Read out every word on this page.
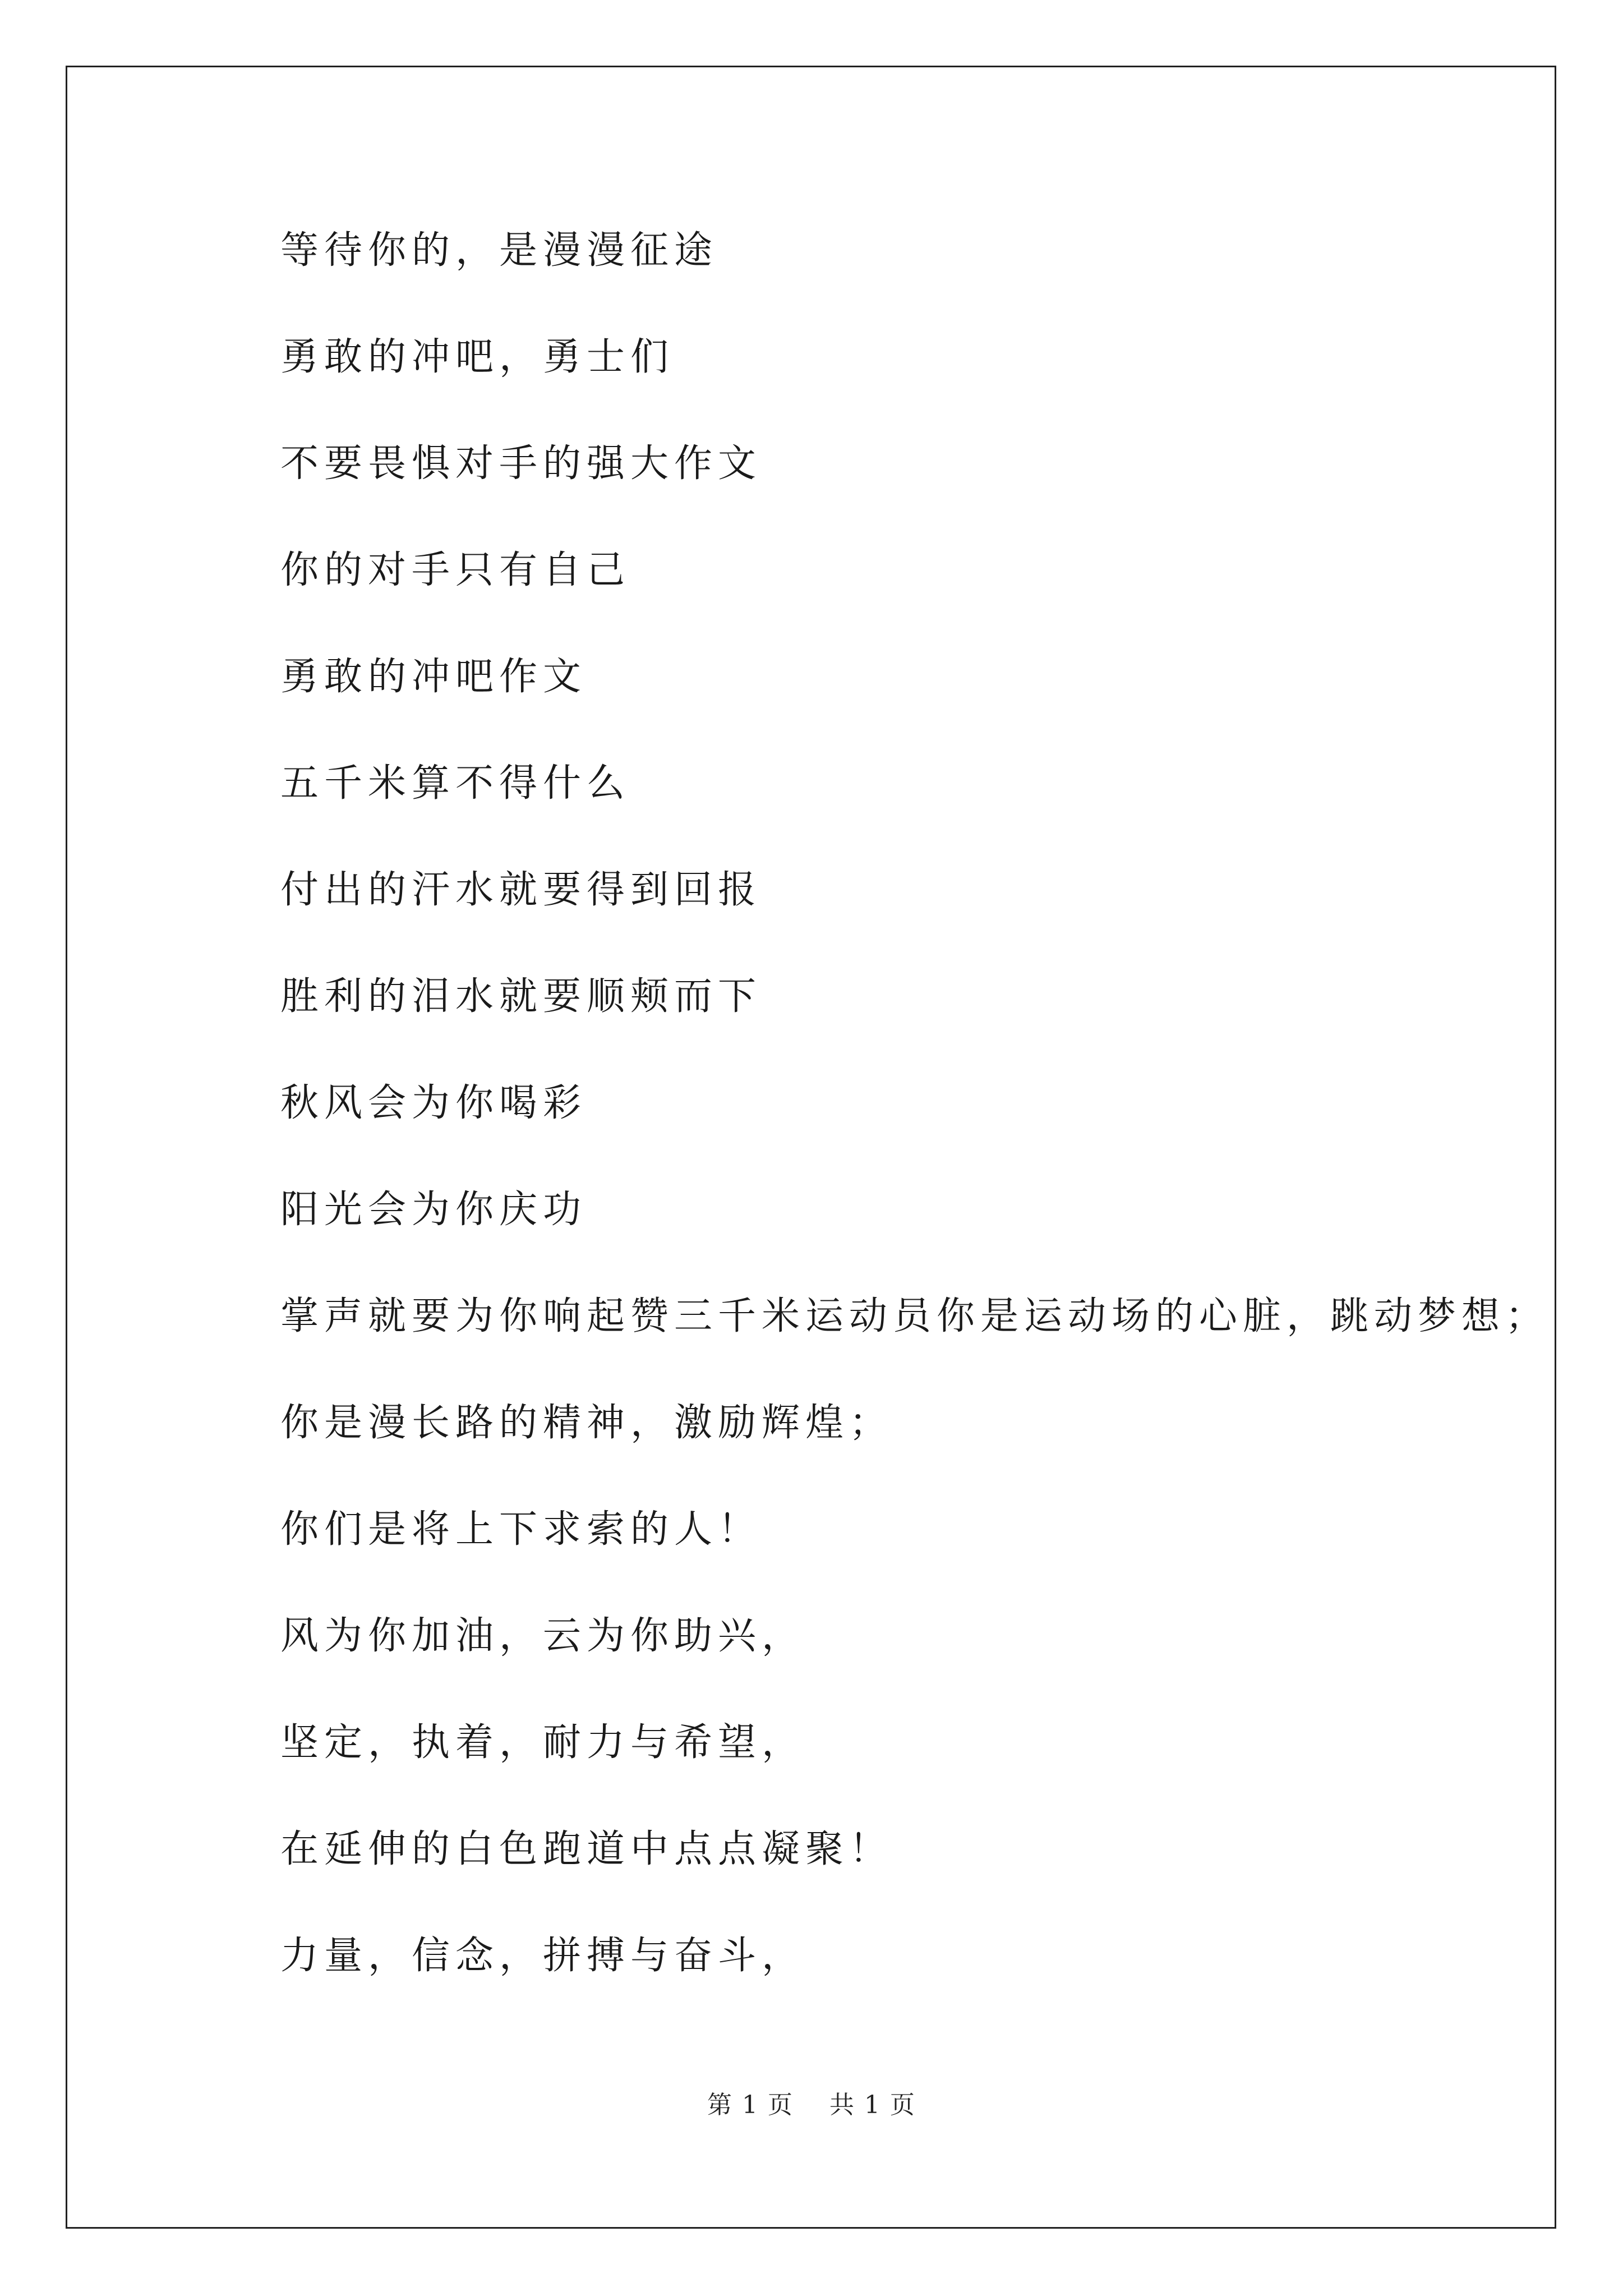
等待你的，是漫漫征途

勇敢的冲吧，勇士们

不要畏惧对手的强大作文

你的对手只有自己

勇敢的冲吧作文

五千米算不得什么

付出的汗水就要得到回报

胜利的泪水就要顺颊而下

秋风会为你喝彩

阳光会为你庆功

掌声就要为你响起赞三千米运动员你是运动场的心脏，跳动梦想；

你是漫长路的精神，激励辉煌；

你们是将上下求索的人！

风为你加油，云为你助兴，

坚定，执着，耐力与希望，

在延伸的白色跑道中点点凝聚！

力量，信念，拼搏与奋斗，

第 1 页 共 1 页
